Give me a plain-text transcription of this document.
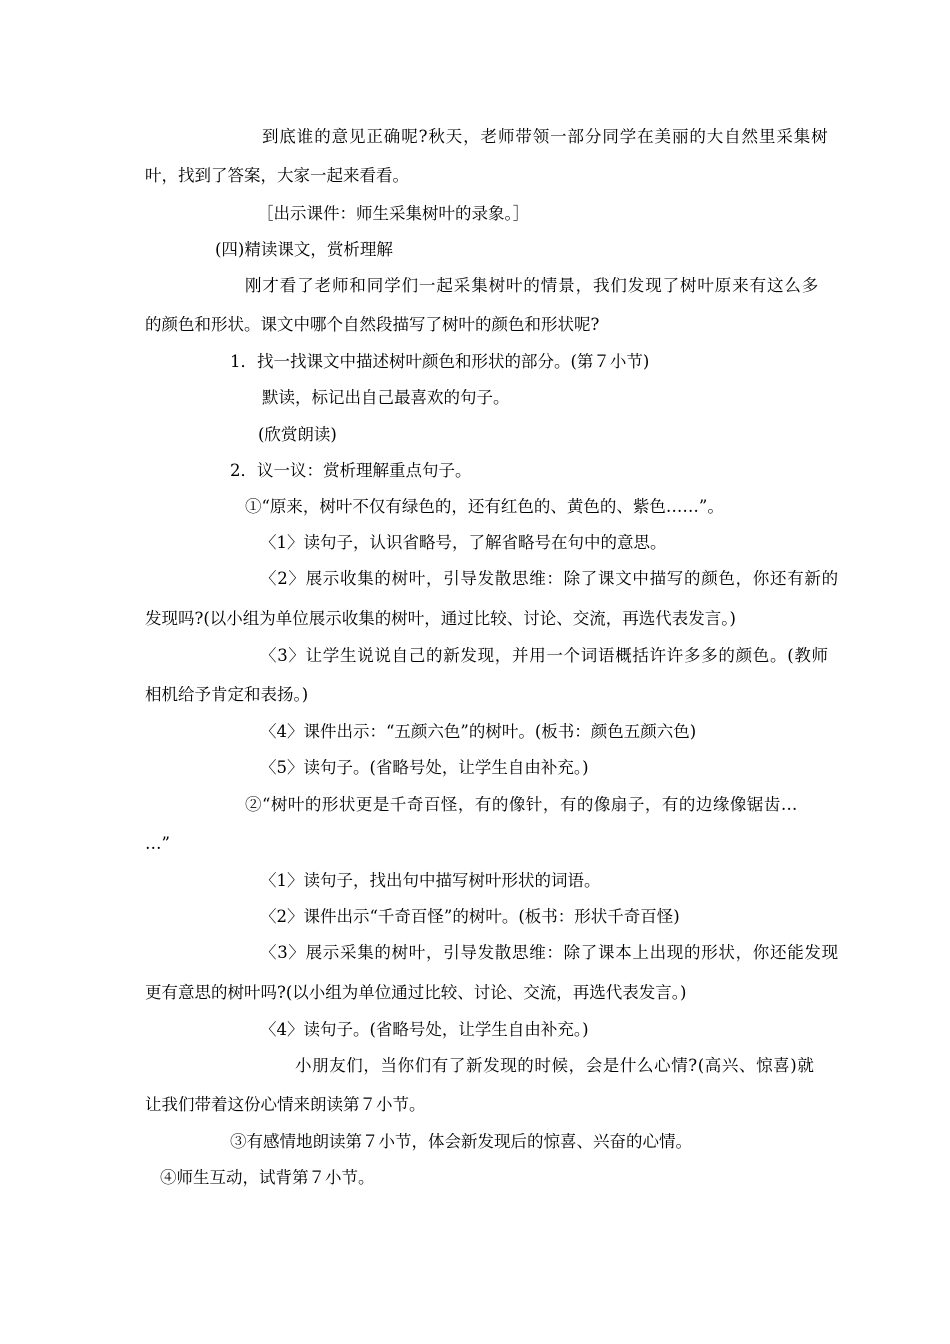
到底谁的意见正确呢?秋天，老师带领一部分同学在美丽的大自然里采集树
叶，找到了答案，大家一起来看看。
［出示课件：师生采集树叶的录象。］
(四)精读课文，赏析理解
刚才看了老师和同学们一起采集树叶的情景，我们发现了树叶原来有这么多
的颜色和形状。课文中哪个自然段描写了树叶的颜色和形状呢?
1．找一找课文中描述树叶颜色和形状的部分。(第７小节)
默读，标记出自己最喜欢的句子。
(欣赏朗读)
2．议一议：赏析理解重点句子。
①“原来，树叶不仅有绿色的，还有红色的、黄色的、紫色……”。
〈1〉读句子，认识省略号，了解省略号在句中的意思。
〈2〉展示收集的树叶，引导发散思维：除了课文中描写的颜色，你还有新的
发现吗?(以小组为单位展示收集的树叶，通过比较、讨论、交流，再选代表发言。)
〈3〉让学生说说自己的新发现，并用一个词语概括许许多多的颜色。(教师
相机给予肯定和表扬。)
〈4〉课件出示：“五颜六色”的树叶。(板书：颜色五颜六色)
〈5〉读句子。(省略号处，让学生自由补充。)
②“树叶的形状更是千奇百怪，有的像针，有的像扇子，有的边缘像锯齿…
…”
〈1〉读句子，找出句中描写树叶形状的词语。
〈2〉课件出示“千奇百怪”的树叶。(板书：形状千奇百怪)
〈3〉展示采集的树叶，引导发散思维：除了课本上出现的形状，你还能发现
更有意思的树叶吗?(以小组为单位通过比较、讨论、交流，再选代表发言。)
〈4〉读句子。(省略号处，让学生自由补充。)
小朋友们，当你们有了新发现的时候，会是什么心情?(高兴、惊喜)就
让我们带着这份心情来朗读第７小节。
③有感情地朗读第７小节，体会新发现后的惊喜、兴奋的心情。
④师生互动，试背第７小节。
